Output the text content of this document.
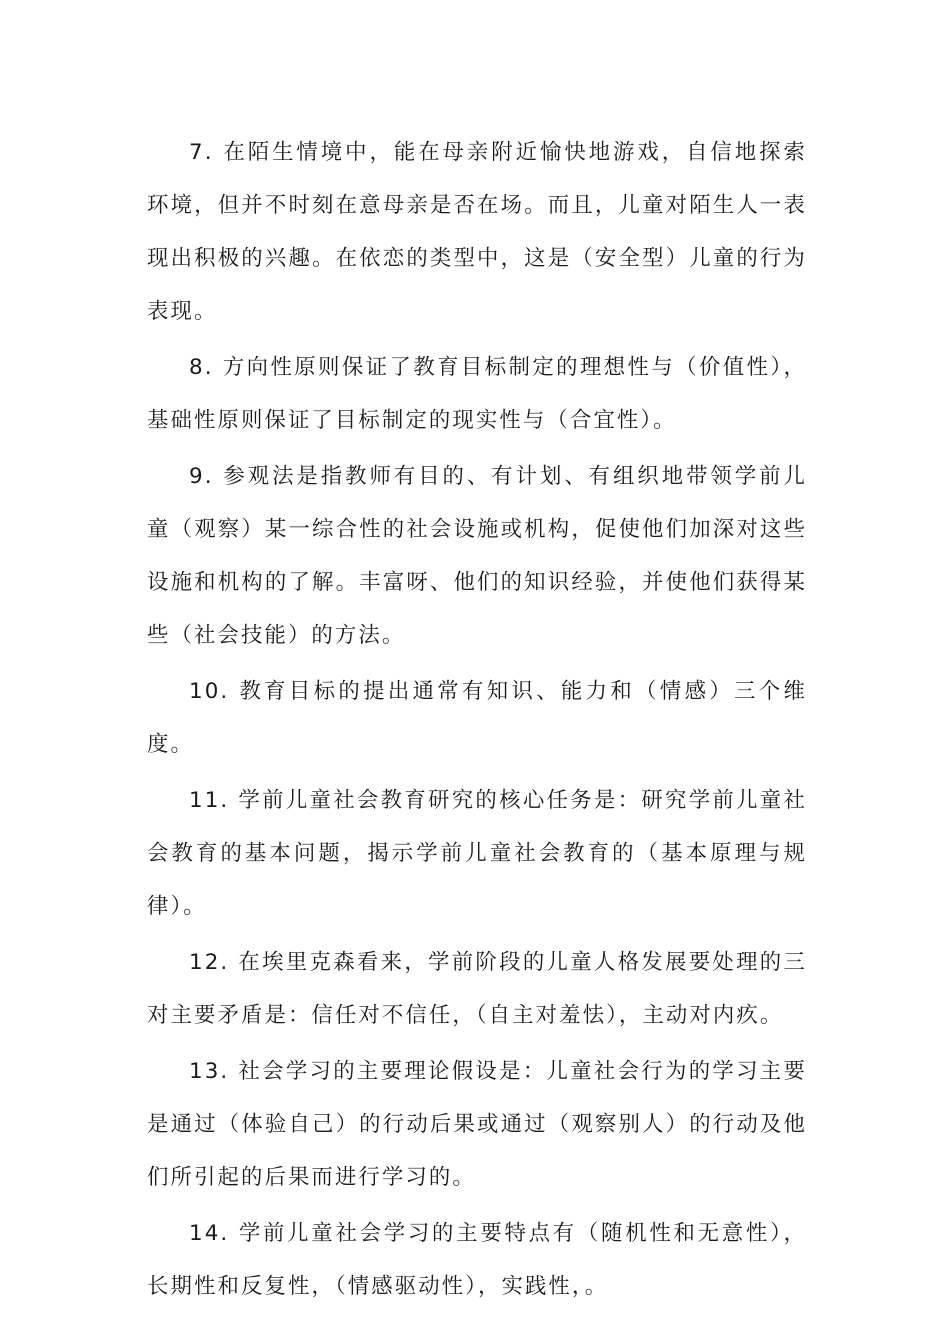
7. 在陌生情境中，能在母亲附近愉快地游戏，自信地探索环境，但并不时刻在意母亲是否在场。而且，儿童对陌生人一表现出积极的兴趣。在依恋的类型中，这是（安全型）儿童的行为表现。

8. 方向性原则保证了教育目标制定的理想性与（价值性），基础性原则保证了目标制定的现实性与（合宜性）。

9. 参观法是指教师有目的、有计划、有组织地带领学前儿童（观察）某一综合性的社会设施或机构，促使他们加深对这些设施和机构的了解。丰富呀、他们的知识经验，并使他们获得某些（社会技能）的方法。

10. 教育目标的提出通常有知识、能力和（情感）三个维度。

11. 学前儿童社会教育研究的核心任务是：研究学前儿童社会教育的基本问题，揭示学前儿童社会教育的（基本原理与规律）。

12. 在埃里克森看来，学前阶段的儿童人格发展要处理的三对主要矛盾是：信任对不信任，（自主对羞怯），主动对内疚。

13. 社会学习的主要理论假设是：儿童社会行为的学习主要是通过（体验自己）的行动后果或通过（观察别人）的行动及他们所引起的后果而进行学习的。

14. 学前儿童社会学习的主要特点有（随机性和无意性），长期性和反复性，（情感驱动性），实践性，。
